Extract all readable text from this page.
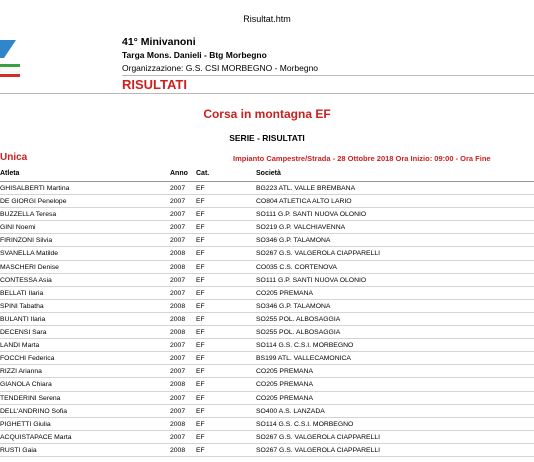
Risultat.htm
41° Minivanoni
Targa Mons. Danieli - Btg Morbegno
Organizzazione: G.S. CSI MORBEGNO - Morbegno
RISULTATI
Corsa in montagna EF
SERIE - RISULTATI
Unica	Impianto Campestre/Strada - 28 Ottobre 2018 Ora Inizio: 09:00 - Ora Fine
Atleta	Anno Cat.	Società
GHISALBERTI Martina	2007 EF	BG223 ATL. VALLE BREMBANA
DE GIORGI Penelope	2007 EF	CO804 ATLETICA ALTO LARIO
BUZZELLA Teresa	2007 EF	SO111 G.P. SANTI NUOVA OLONIO
GINI Noemi	2007 EF	SO219 G.P. VALCHIAVENNA
FIRINZONI Silvia	2007 EF	SO346 G.P. TALAMONA
SVANELLA Matilde	2008 EF	SO267 G.S. VALGEROLA CIAPPARELLI
MASCHERI Denise	2008 EF	CO035 C.S. CORTENOVA
CONTESSA Asia	2007 EF	SO111 G.P. SANTI NUOVA OLONIO
BELLATI Ilaria	2007 EF	CO205 PREMANA
SPINI Tabatha	2008 EF	SO346 G.P. TALAMONA
BULANTI Ilaria	2008 EF	SO255 POL. ALBOSAGGIA
DECENSI Sara	2008 EF	SO255 POL. ALBOSAGGIA
LANDI Marta	2007 EF	SO114 G.S. C.S.I. MORBEGNO
FOCCHI Federica	2007 EF	BS199 ATL. VALLECAMONICA
RIZZI Arianna	2007 EF	CO205 PREMANA
GIANOLA Chiara	2008 EF	CO205 PREMANA
TENDERINI Serena	2007 EF	CO205 PREMANA
DELL'ANDRINO Sofia	2007 EF	SO400 A.S. LANZADA
PIGHETTI Giulia	2008 EF	SO114 G.S. C.S.I. MORBEGNO
ACQUISTAPACE Marta	2007 EF	SO267 G.S. VALGEROLA CIAPPARELLI
RUSTI Gaia	2008 EF	SO267 G.S. VALGEROLA CIAPPARELLI
